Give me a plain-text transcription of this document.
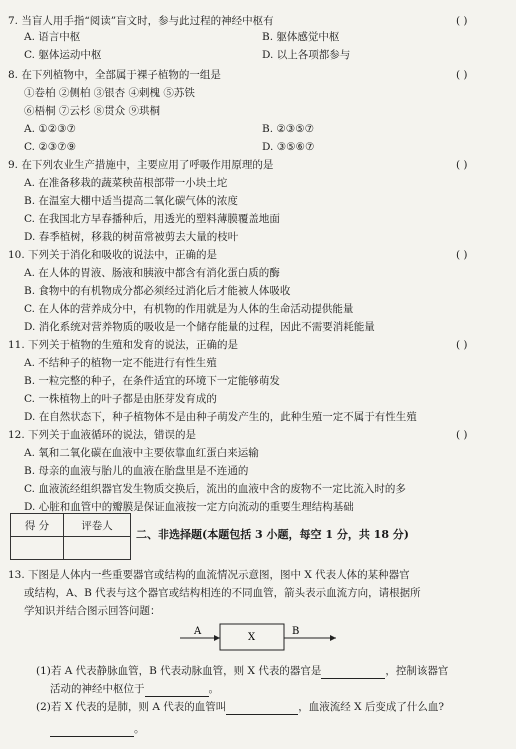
7. 当盲人用手指“阅读”盲文时，参与此过程的神经中枢有	( )
A. 语言中枢	B. 躯体感觉中枢
C. 躯体运动中枢	D. 以上各项都参与
8. 在下列植物中，全部属于裸子植物的一组是	( )
①卷柏 ②侧柏 ③银杏 ④剌槐 ⑤苏铁
⑥梧桐 ⑦云杉 ⑧贯众 ⑨珙桐
A. ①②③⑦	B. ②③⑤⑦
C. ②③⑦⑨	D. ③⑤⑥⑦
9. 在下列农业生产措施中，主要应用了呼吸作用原理的是	( )
A. 在准备移栽的蔬菜秧苗根部带一小块土坨
B. 在温室大棚中适当提高二氧化碳气体的浓度
C. 在我国北方早春播种后，用透光的塑料薄膜覆盖地面
D. 春季植树，移栽的树苗常被剪去大量的枝叶
10. 下列关于消化和吸收的说法中，正确的是	( )
A. 在人体的胃液、肠液和胰液中都含有消化蛋白质的酶
B. 食物中的有机物成分都必须经过消化后才能被人体吸收
C. 在人体的营养成分中，有机物的作用就是为人体的生命活动提供能量
D. 消化系统对营养物质的吸收是一个储存能量的过程，因此不需要消耗能量
11. 下列关于植物的生殖和发育的说法，正确的是	( )
A. 不结种子的植物一定不能进行有性生殖
B. 一粒完整的种子，在条件适宜的环境下一定能够萌发
C. 一株植物上的叶子都是由胚芽发育成的
D. 在自然状态下，种子植物体不是由种子萌发产生的，此种生殖一定不属于有性生殖
12. 下列关于血液循环的说法，错误的是	( )
A. 氧和二氧化碳在血液中主要依靠血红蛋白来运输
B. 母亲的血液与胎儿的血液在胎盘里是不连通的
C. 血液流经组织器官发生物质交换后，流出的血液中含的废物不一定比流入时的多
D. 心脏和血管中的瓣膜是保证血液按一定方向流动的重要生理结构基础
得 分	评卷人

二、非选择题(本题包括 3 小题，每空 1 分，共 18 分)
13. 下图是人体内一些重要器官或结构的血流情况示意图，图中 X 代表人体的某种器官
或结构，A、B 代表与这个器官或结构相连的不同血管，箭头表示血流方向，请根据所
学知识并结合图示回答问题：
A
X
B
(1)若 A 代表静脉血管，B 代表动脉血管，则 X 代表的器官是	，控制该器官
活动的神经中枢位于	。
(2)若 X 代表的是肺，则 A 代表的血管叫	，血液流经 X 后变成了什么血?
。
